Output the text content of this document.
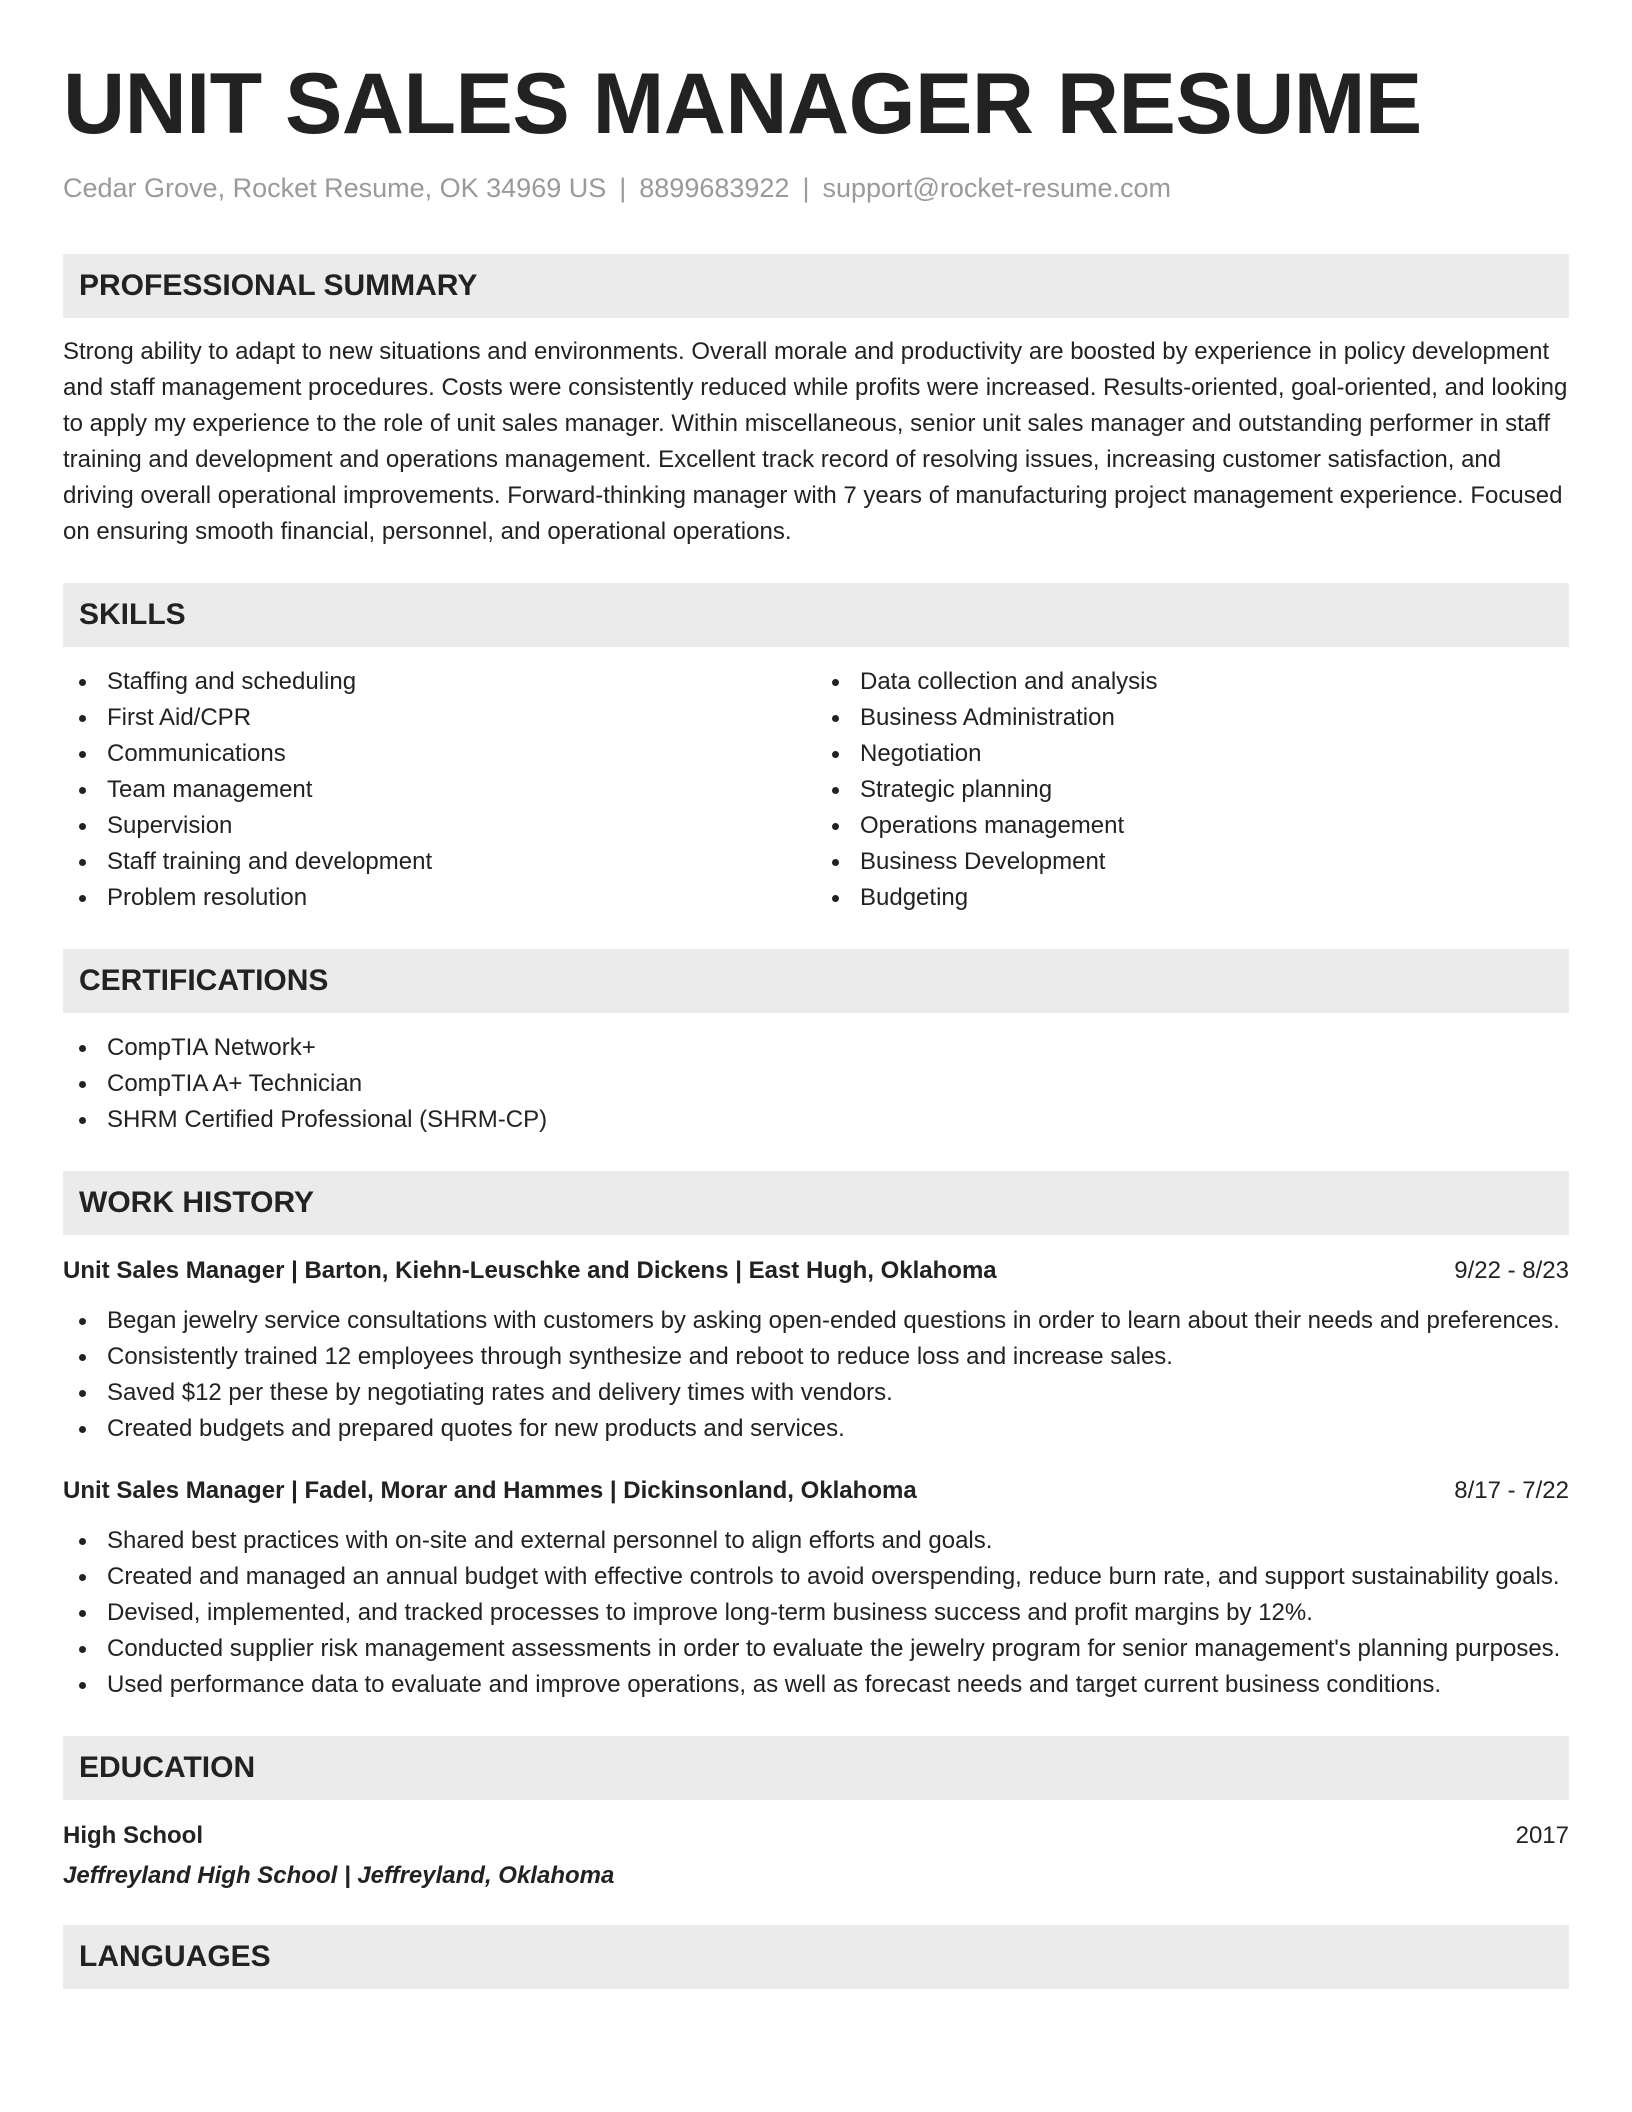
UNIT SALES MANAGER RESUME
Cedar Grove, Rocket Resume, OK 34969 US | 8899683922 | support@rocket-resume.com
PROFESSIONAL SUMMARY

Strong ability to adapt to new situations and environments. Overall morale and productivity are boosted by experience in policy development and staff management procedures. Costs were consistently reduced while profits were increased. Results-oriented, goal-oriented, and looking to apply my experience to the role of unit sales manager. Within miscellaneous, senior unit sales manager and outstanding performer in staff training and development and operations management. Excellent track record of resolving issues, increasing customer satisfaction, and driving overall operational improvements. Forward-thinking manager with 7 years of manufacturing project management experience. Focused on ensuring smooth financial, personnel, and operational operations.

SKILLS
Staffing and scheduling
First Aid/CPR
Communications
Team management
Supervision
Staff training and development
Problem resolution
Data collection and analysis
Business Administration
Negotiation
Strategic planning
Operations management
Business Development
Budgeting
CERTIFICATIONS
CompTIA Network+
CompTIA A+ Technician
SHRM Certified Professional (SHRM-CP)
WORK HISTORY
Unit Sales Manager | Barton, Kiehn-Leuschke and Dickens | East Hugh, Oklahoma	9/22 - 8/23
Began jewelry service consultations with customers by asking open-ended questions in order to learn about their needs and preferences.
Consistently trained 12 employees through synthesize and reboot to reduce loss and increase sales.
Saved $12 per these by negotiating rates and delivery times with vendors.
Created budgets and prepared quotes for new products and services.
Unit Sales Manager | Fadel, Morar and Hammes | Dickinsonland, Oklahoma	8/17 - 7/22
Shared best practices with on-site and external personnel to align efforts and goals.
Created and managed an annual budget with effective controls to avoid overspending, reduce burn rate, and support sustainability goals.
Devised, implemented, and tracked processes to improve long-term business success and profit margins by 12%.
Conducted supplier risk management assessments in order to evaluate the jewelry program for senior management's planning purposes.
Used performance data to evaluate and improve operations, as well as forecast needs and target current business conditions.
EDUCATION
High School	2017
Jeffreyland High School | Jeffreyland, Oklahoma
LANGUAGES
